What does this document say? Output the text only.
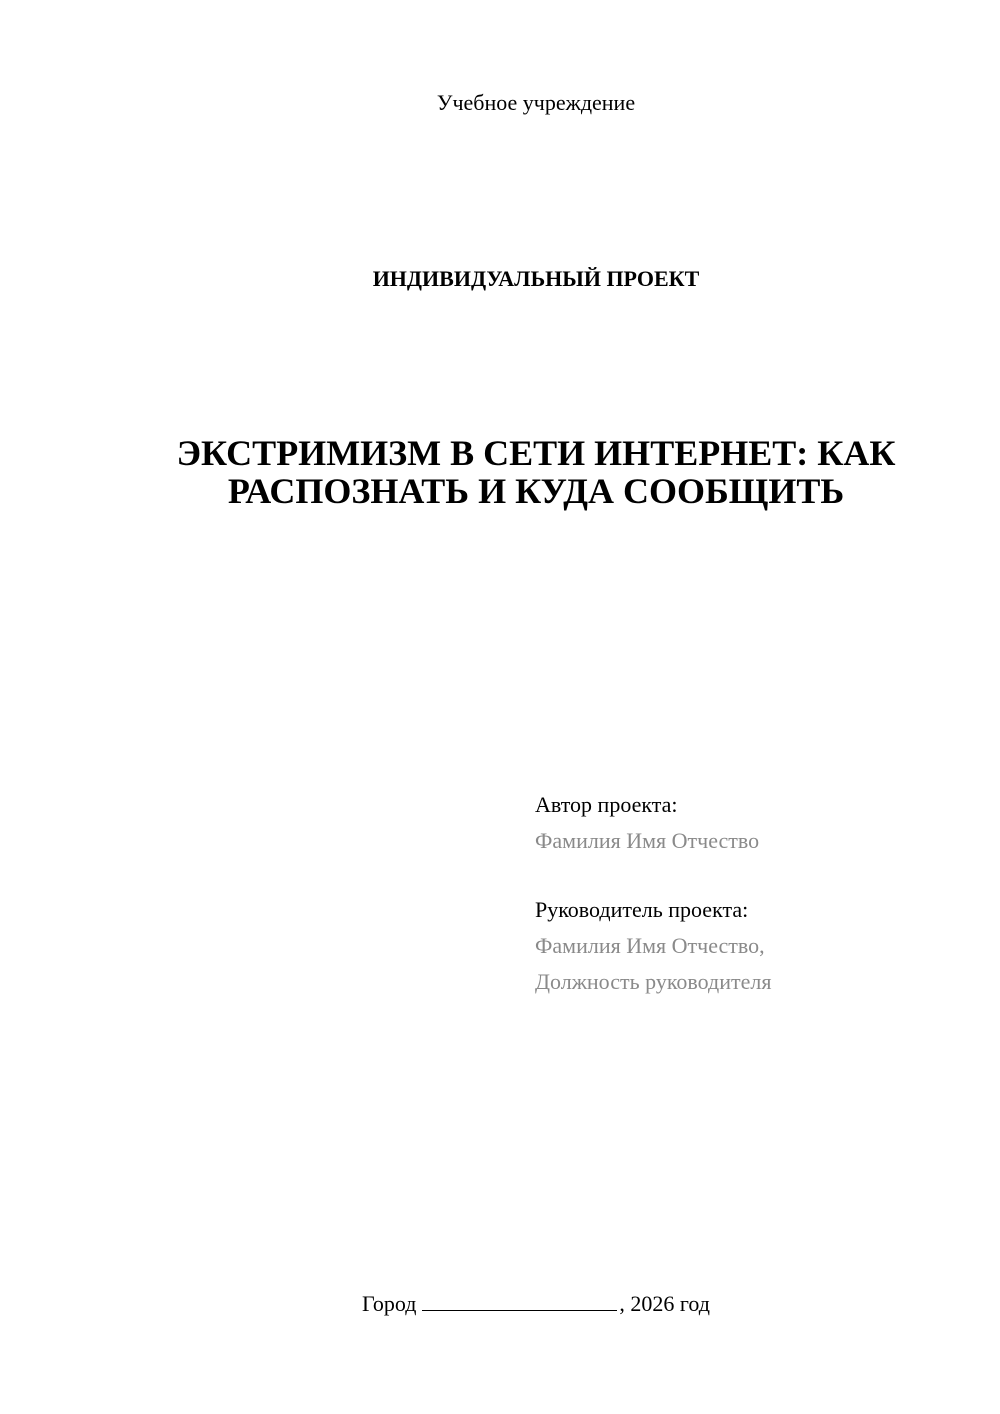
Учебное учреждение
ИНДИВИДУАЛЬНЫЙ ПРОЕКТ
ЭКСТРИМИЗМ В СЕТИ ИНТЕРНЕТ: КАК
РАСПОЗНАТЬ И КУДА СООБЩИТЬ
Автор проекта:
Фамилия Имя Отчество
Руководитель проекта:
Фамилия Имя Отчество,
Должность руководителя
Город	, 2026 год
